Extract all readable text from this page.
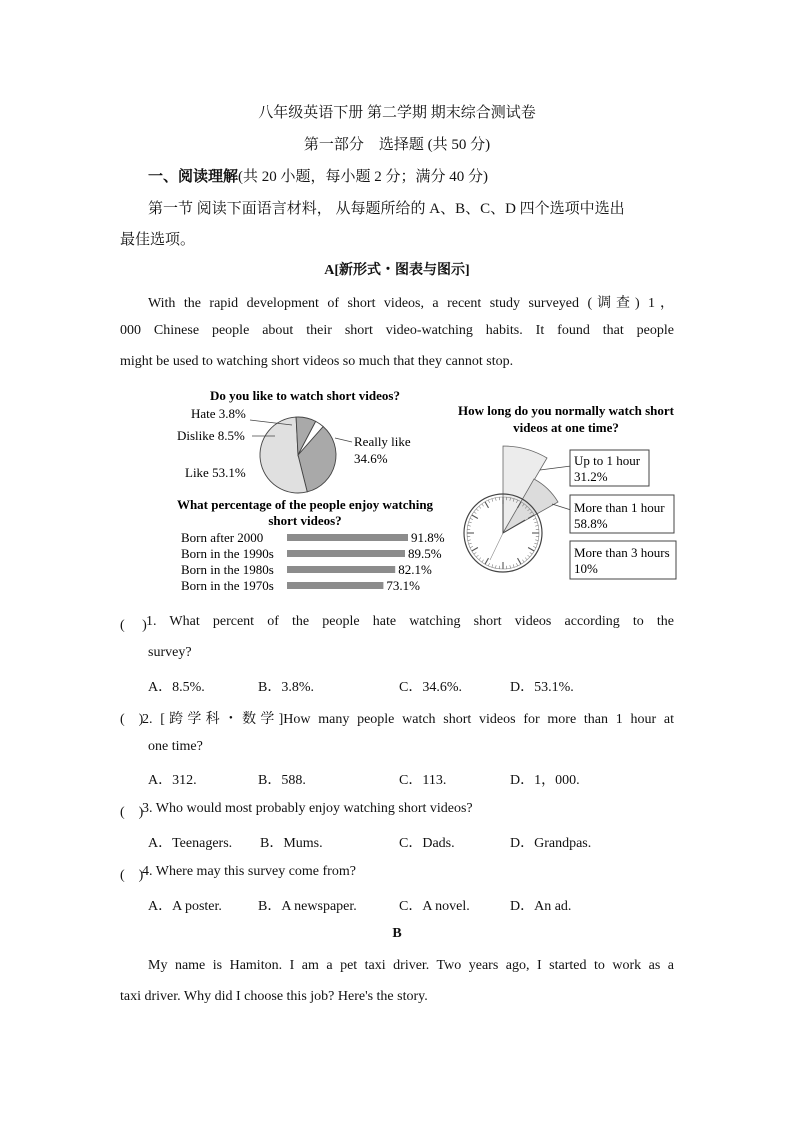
八年级英语下册 第二学期 期末综合测试卷
第一部分　选择题 (共 50 分)
一、阅读理解(共 20 小题，每小题 2 分；满分 40 分)
第一节 阅读下面语言材料， 从每题所给的 A、B、C、D 四个选项中选出
最佳选项。
A[新形式・图表与图示]
With the rapid development of short videos, a recent study surveyed (调查) 1，
000 Chinese people about their short video-watching habits. It found that people
might be used to watching short videos so much that they cannot stop.
Do you like to watch short videos?
Hate 3.8%
Dislike 8.5%	Really like
34.6%
Like 53.1%
What percentage of the people enjoy watching
short videos?
Born after 2000	91.8%
Born in the 1990s	89.5%
Born in the 1980s	82.1%
Born in the 1970s	73.1%
How long do you normally watch short
videos at one time?
Up to 1 hour
31.2%
More than 1 hour
58.8%
More than 3 hours
10%
(　 ) 1. What percent of the people hate watching short videos according to the
survey?
A．8.5%.	B．3.8%.	C．34.6%.	D．53.1%.
(　)
2. [跨学科・数学]How many people watch short videos for more than 1 hour at
one time?
A．312.	B．588.	C．113.	D．1，000.
(　)
3. Who would most probably enjoy watching short videos?
A．Teenagers. B．Mums.	C．Dads.	D．Grandpas.
(　)
4. Where may this survey come from?
A．A poster.	B．A newspaper.	C．A novel.	D．An ad.
B
My name is Hamiton. I am a pet taxi driver. Two years ago, I started to work as a
taxi driver. Why did I choose this job? Here's the story.
